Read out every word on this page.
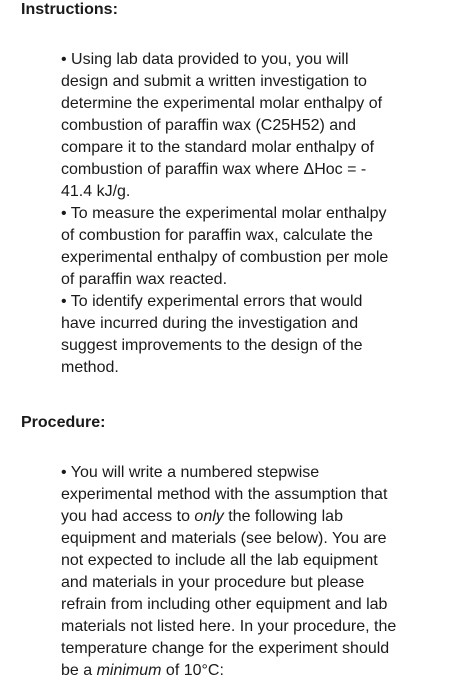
Instructions:
• Using lab data provided to you, you will
design and submit a written investigation to
determine the experimental molar enthalpy of
combustion of paraffin wax (C25H52) and
compare it to the standard molar enthalpy of
combustion of paraffin wax where ΔHoc = -
41.4 kJ/g.
• To measure the experimental molar enthalpy
of combustion for paraffin wax, calculate the
experimental enthalpy of combustion per mole
of paraffin wax reacted.
• To identify experimental errors that would
have incurred during the investigation and
suggest improvements to the design of the
method.
Procedure:
• You will write a numbered stepwise
experimental method with the assumption that
you had access to only the following lab
equipment and materials (see below). You are
not expected to include all the lab equipment
and materials in your procedure but please
refrain from including other equipment and lab
materials not listed here. In your procedure, the
temperature change for the experiment should
be a minimum of 10°C:
